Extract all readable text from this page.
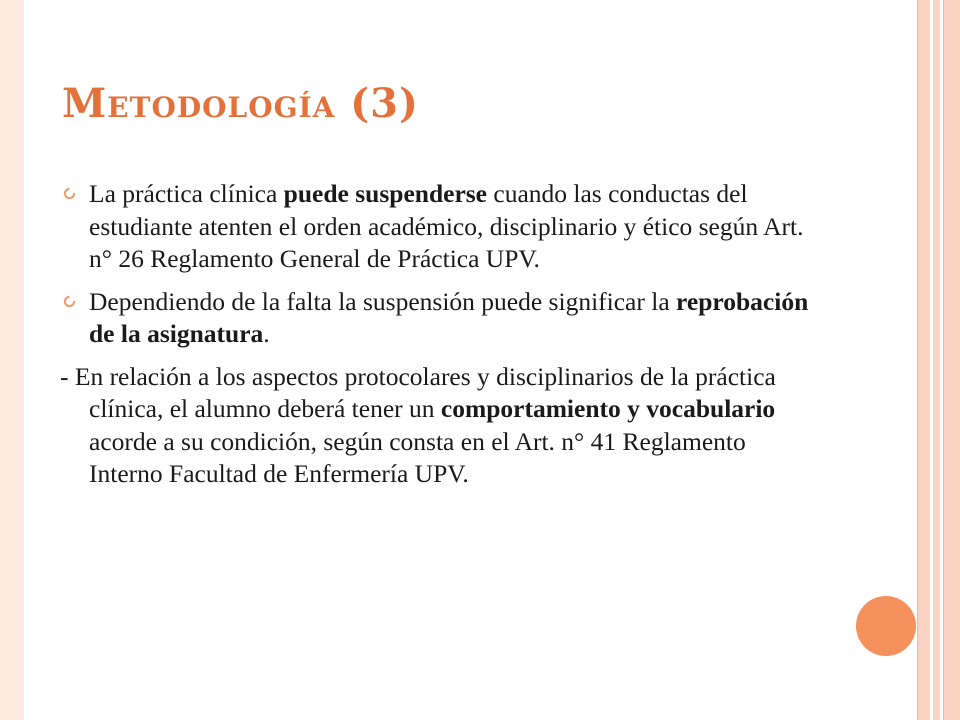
Metodología (3)

La práctica clínica puede suspenderse cuando las conductas del estudiante atenten el orden académico, disciplinario y ético según Art. n° 26 Reglamento General de Práctica UPV.

Dependiendo de la falta la suspensión puede significar la reprobación de la asignatura.

- En relación a los aspectos protocolares y disciplinarios de la práctica clínica, el alumno deberá tener un comportamiento y vocabulario acorde a su condición, según consta en el Art. n° 41 Reglamento Interno Facultad de Enfermería UPV.
